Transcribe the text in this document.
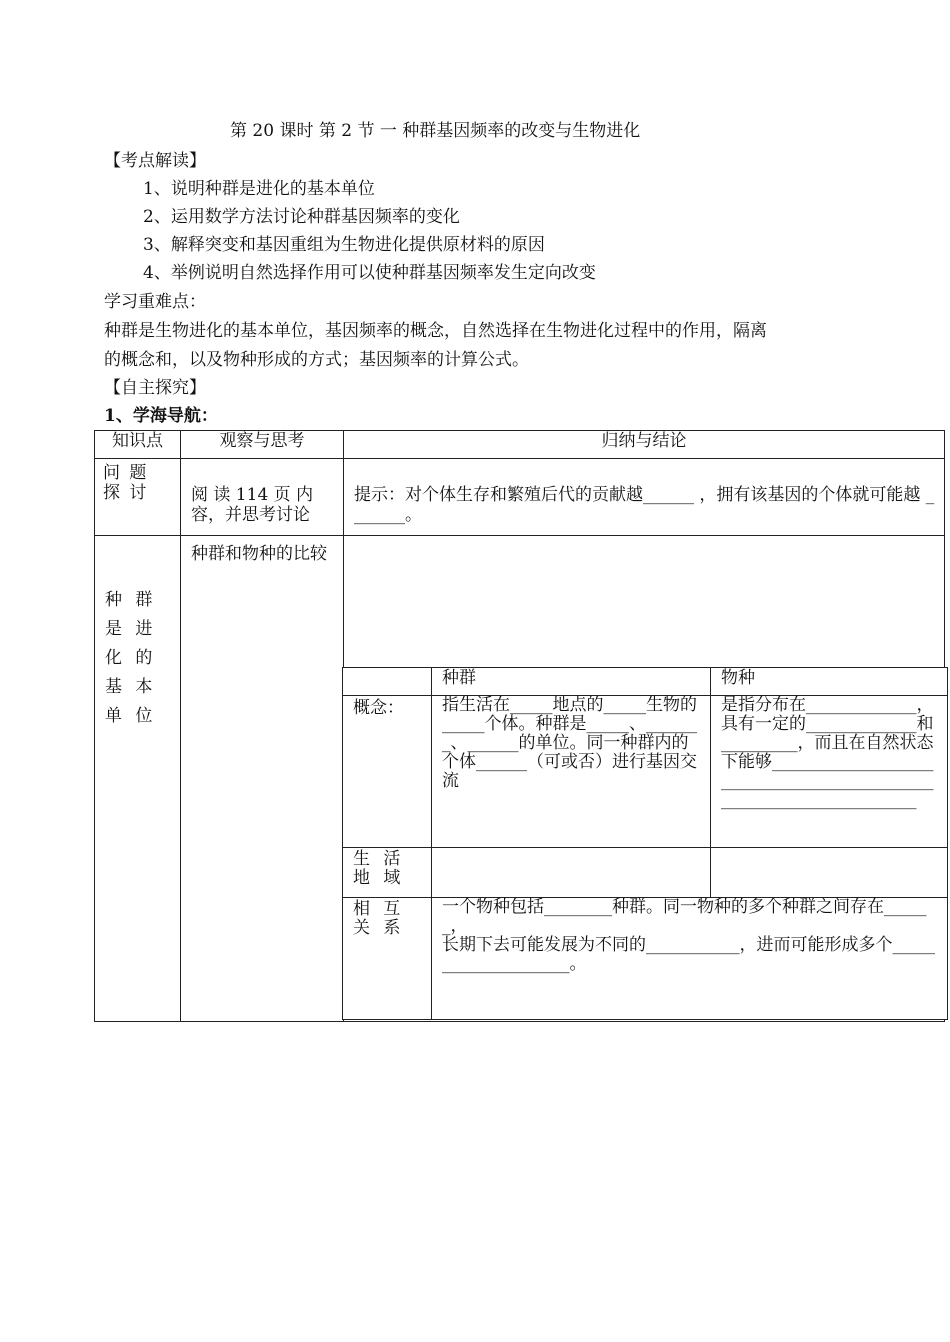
第 20 课时 第 2 节 一 种群基因频率的改变与生物进化
【考点解读】
1、说明种群是进化的基本单位
2、运用数学方法讨论种群基因频率的变化
3、解释突变和基因重组为生物进化提供原材料的原因
4、举例说明自然选择作用可以使种群基因频率发生定向改变
学习重难点：
种群是生物进化的基本单位，基因频率的概念，自然选择在生物进化过程中的作用，隔离
的概念和，以及物种形成的方式；基因频率的计算公式。
【自主探究】
1、学海导航：
知识点	观察与思考	归纳与结论
问 题 探 讨	阅 读 114 页 内 容，并思考讨论	提示：对个体生存和繁殖后代的贡献越______ ，拥有该基因的个体就可能越 _______。
种 群 是 进 化 的 基 本 单 位	种群和物种的比较	
	种群	物种
概念：	指生活在_____地点的_____生物的_____个体。种群是_____、_______、______的单位。同一种群内的个体______（可或否）进行基因交流	是指分布在_____________，具有一定的_____________和_________，而且在自然状态下能够___________________________________________________________________
生 活 地 域		
相 互 关 系	一个物种包括________种群。同一物种的多个种群之间存在______，
长期下去可能发展为不同的___________，进而可能形成多个____________________。	
